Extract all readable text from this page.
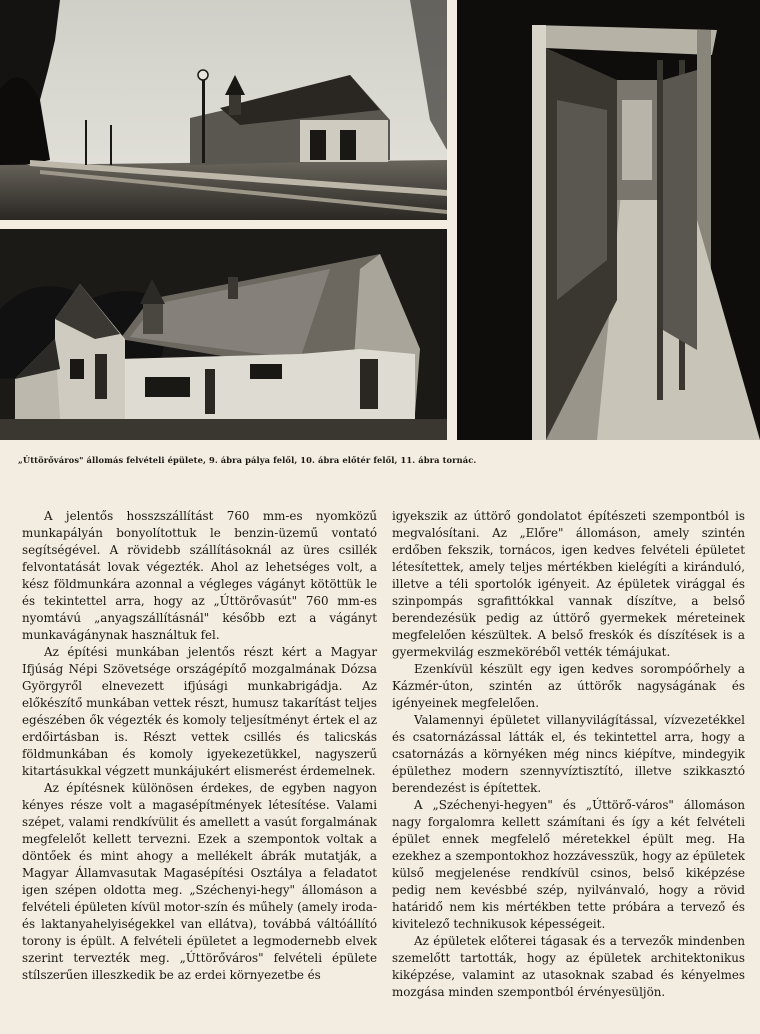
„Úttörőváros" állomás felvételi épülete, 9. ábra pálya felől, 10. ábra előtér felől, 11. ábra tornác.

A jelentős hosszszállítást 760 mm-es nyomközű munkapályán bonyolítottuk le benzin-üzemű vontató segítségével. A rövidebb szállításoknál az üres csillék felvontatását lovak végezték. Ahol az lehetséges volt, a kész földmunkára azonnal a végleges vágányt kötöttük le és tekintettel arra, hogy az „Úttörővasút" 760 mm-es nyomtávú „anyagszállításnál" később ezt a vágányt munkavágánynak használtuk fel.

Az építési munkában jelentős részt kért a Magyar Ifjúság Népi Szövetsége országépítő mozgalmának Dózsa Györgyről elnevezett ifjúsági munkabrigádja. Az előkészítő munkában vettek részt, humusz takarítást teljes egészében ők végezték és komoly teljesítményt értek el az erdőirtásban is. Részt vettek csillés és talicskás földmunkában és komoly igyekezetükkel, nagyszerű kitartásukkal végzett munkájukért elismerést érdemelnek.

Az építésnek különösen érdekes, de egyben nagyon kényes része volt a magasépítmények létesítése. Valami szépet, valami rendkívülit és amellett a vasút forgalmának megfelelőt kellett tervezni. Ezek a szempontok voltak a döntőek és mint ahogy a mellékelt ábrák mutatják, a Magyar Államvasutak Magasépítési Osztálya a feladatot igen szépen oldotta meg. „Széchenyi-hegy" állomáson a felvételi épületen kívül motor-szín és műhely (amely iroda- és laktanyahelyiségekkel van ellátva), továbbá váltóállító torony is épült. A felvételi épületet a legmodernebb elvek szerint tervezték meg. „Úttörőváros" felvételi épülete stílszerűen illeszkedik be az erdei környezetbe és

igyekszik az úttörő gondolatot építészeti szempontból is megvalósítani. Az „Előre" állomáson, amely szintén erdőben fekszik, tornácos, igen kedves felvételi épületet létesítettek, amely teljes mértékben kielégíti a kiránduló, illetve a téli sportolók igényeit. Az épületek virággal és szinpompás sgrafittókkal vannak díszítve, a belső berendezésük pedig az úttörő gyermekek méreteinek megfelelően készültek. A belső freskók és díszítések is a gyermekvilág eszmeköréből vették témájukat.

Ezenkívül készült egy igen kedves sorompóőrhely a Kázmér-úton, szintén az úttörők nagyságának és igényeinek megfelelően.

Valamennyi épületet villanyvilágítással, vízvezetékkel és csatornázással látták el, és tekintettel arra, hogy a csatornázás a környéken még nincs kiépítve, mindegyik épülethez modern szennyvíztisztító, illetve szikkasztó berendezést is építettek.

A „Széchenyi-hegyen" és „Úttörő-város" állomáson nagy forgalomra kellett számítani és így a két felvételi épület ennek megfelelő méretekkel épült meg. Ha ezekhez a szempontokhoz hozzávesszük, hogy az épületek külső megjelenése rendkívül csinos, belső kiképzése pedig nem kevésbbé szép, nyilvánvaló, hogy a rövid határidő nem kis mértékben tette próbára a tervező és kivitelező technikusok képességeit.

Az épületek előterei tágasak és a tervezők mindenben szemelőtt tartották, hogy az épületek architektonikus kiképzése, valamint az utasoknak szabad és kényelmes mozgása minden szempontból érvényesüljön.
